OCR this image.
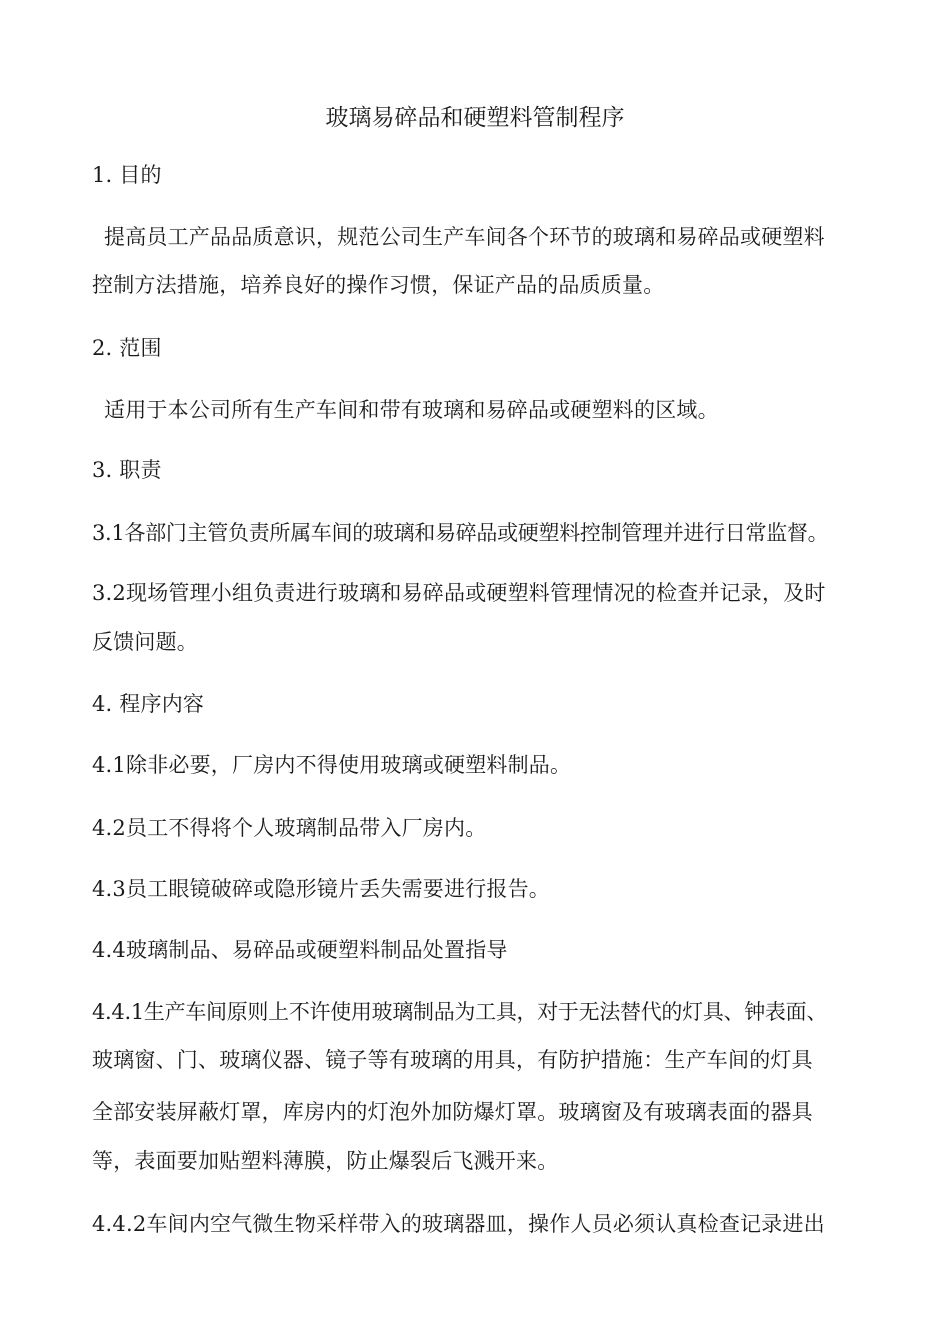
玻璃易碎品和硬塑料管制程序
1. 目的
提高员工产品品质意识，规范公司生产车间各个环节的玻璃和易碎品或硬塑料
控制方法措施，培养良好的操作习惯，保证产品的品质质量。
2. 范围
适用于本公司所有生产车间和带有玻璃和易碎品或硬塑料的区域。
3. 职责
3.1各部门主管负责所属车间的玻璃和易碎品或硬塑料控制管理并进行日常监督。
3.2现场管理小组负责进行玻璃和易碎品或硬塑料管理情况的检查并记录，及时
反馈问题。
4. 程序内容
4.1除非必要，厂房内不得使用玻璃或硬塑料制品。
4.2员工不得将个人玻璃制品带入厂房内。
4.3员工眼镜破碎或隐形镜片丢失需要进行报告。
4.4玻璃制品、易碎品或硬塑料制品处置指导
4.4.1生产车间原则上不许使用玻璃制品为工具，对于无法替代的灯具、钟表面、
玻璃窗、门、玻璃仪器、镜子等有玻璃的用具，有防护措施：生产车间的灯具
全部安装屏蔽灯罩，库房内的灯泡外加防爆灯罩。玻璃窗及有玻璃表面的器具
等，表面要加贴塑料薄膜，防止爆裂后飞溅开来。
4.4.2车间内空气微生物采样带入的玻璃器皿，操作人员必须认真检查记录进出
